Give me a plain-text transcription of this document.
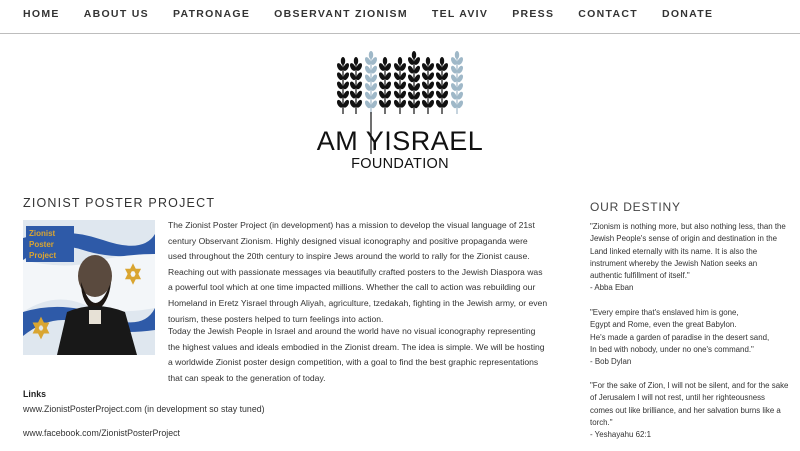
HOME ABOUT US PATRONAGE OBSERVANT ZIONISM TEL AVIV PRESS CONTACT DONATE
AM YISRAEL
FOUNDATION
ZIONIST POSTER PROJECT
Zionist
Poster
Project

The Zionist Poster Project (in development) has a mission to develop the visual language of 21st century Observant Zionism. Highly designed visual iconography and positive propaganda were used throughout the 20th century to inspire Jews around the world to rally for the Zionist cause. Reaching out with passionate messages via beautifully crafted posters to the Jewish Diaspora was a powerful tool which at one time impacted millions. Whether the call to action was rebuilding our Homeland in Eretz Yisrael through Aliyah, agriculture, tzedakah, fighting in the Jewish army, or even tourism, these posters helped to turn feelings into action.

Today the Jewish People in Israel and around the world have no visual iconography representing the highest values and ideals embodied in the Zionist dream. The idea is simple. We will be hosting a worldwide Zionist poster design competition, with a goal to find the best graphic representations that can speak to the generation of today.

Links

www.ZionistPosterProject.com (in development so stay tuned)
www.facebook.com/ZionistPosterProject
OUR DESTINY
"Zionism is nothing more, but also nothing less, than the Jewish People's sense of origin and destination in the Land linked eternally with its name. It is also the instrument whereby the Jewish Nation seeks an authentic fulfillment of itself."
- Abba Eban
"Every empire that's enslaved him is gone,
Egypt and Rome, even the great Babylon.
He's made a garden of paradise in the desert sand,
In bed with nobody, under no one's command."
- Bob Dylan
"For the sake of Zion, I will not be silent, and for the sake of Jerusalem I will not rest, until her righteousness comes out like brilliance, and her salvation burns like a torch."
- Yeshayahu 62:1
